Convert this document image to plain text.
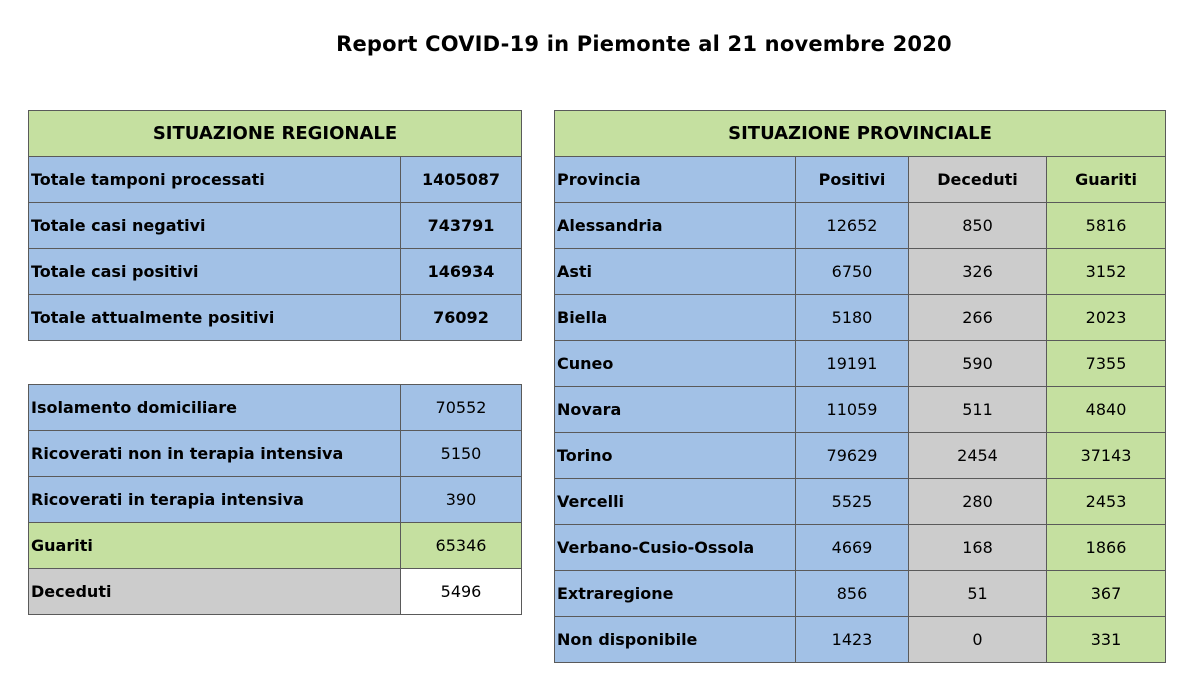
Report COVID-19 in Piemonte al 21 novembre 2020
SITUAZIONE REGIONALE	
Totale tamponi processati	1405087
Totale casi negativi	743791
Totale casi positivi	146934
Totale attualmente positivi	76092
Isolamento domiciliare	70552
Ricoverati non in terapia intensiva	5150
Ricoverati in terapia intensiva	390
Guariti	65346
Deceduti	5496
SITUAZIONE PROVINCIALE			
Provincia	Positivi	Deceduti	Guariti
Alessandria	12652	850	5816
Asti	6750	326	3152
Biella	5180	266	2023
Cuneo	19191	590	7355
Novara	11059	511	4840
Torino	79629	2454	37143
Vercelli	5525	280	2453
Verbano-Cusio-Ossola	4669	168	1866
Extraregione	856	51	367
Non disponibile	1423	0	331
